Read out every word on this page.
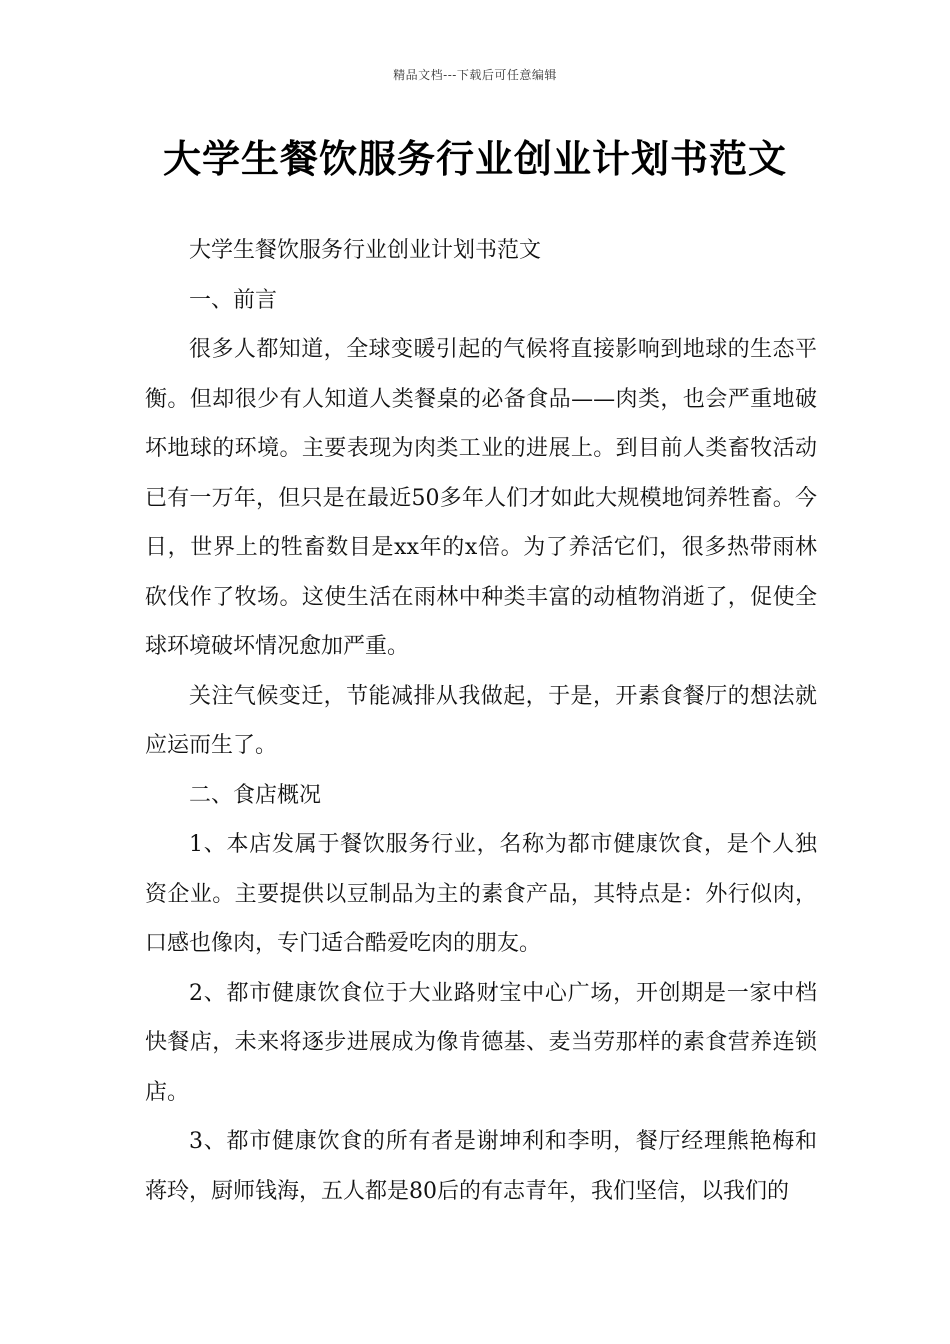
精品文档---下载后可任意编辑
大学生餐饮服务行业创业计划书范文

大学生餐饮服务行业创业计划书范文

一、前言

很多人都知道，全球变暖引起的气候将直接影响到地球的生态平衡。但却很少有人知道人类餐桌的必备食品——肉类，也会严重地破坏地球的环境。主要表现为肉类工业的进展上。到目前人类畜牧活动已有一万年，但只是在最近50多年人们才如此大规模地饲养牲畜。今日，世界上的牲畜数目是xx年的x倍。为了养活它们，很多热带雨林砍伐作了牧场。这使生活在雨林中种类丰富的动植物消逝了，促使全球环境破坏情况愈加严重。

关注气候变迁，节能减排从我做起，于是，开素食餐厅的想法就应运而生了。

二、食店概况

1、本店发属于餐饮服务行业，名称为都市健康饮食，是个人独资企业。主要提供以豆制品为主的素食产品，其特点是：外行似肉，口感也像肉，专门适合酷爱吃肉的朋友。

2、都市健康饮食位于大业路财宝中心广场，开创期是一家中档快餐店，未来将逐步进展成为像肯德基、麦当劳那样的素食营养连锁店。

3、都市健康饮食的所有者是谢坤利和李明，餐厅经理熊艳梅和蒋玲，厨师钱海，五人都是80后的有志青年，我们坚信，以我们的
